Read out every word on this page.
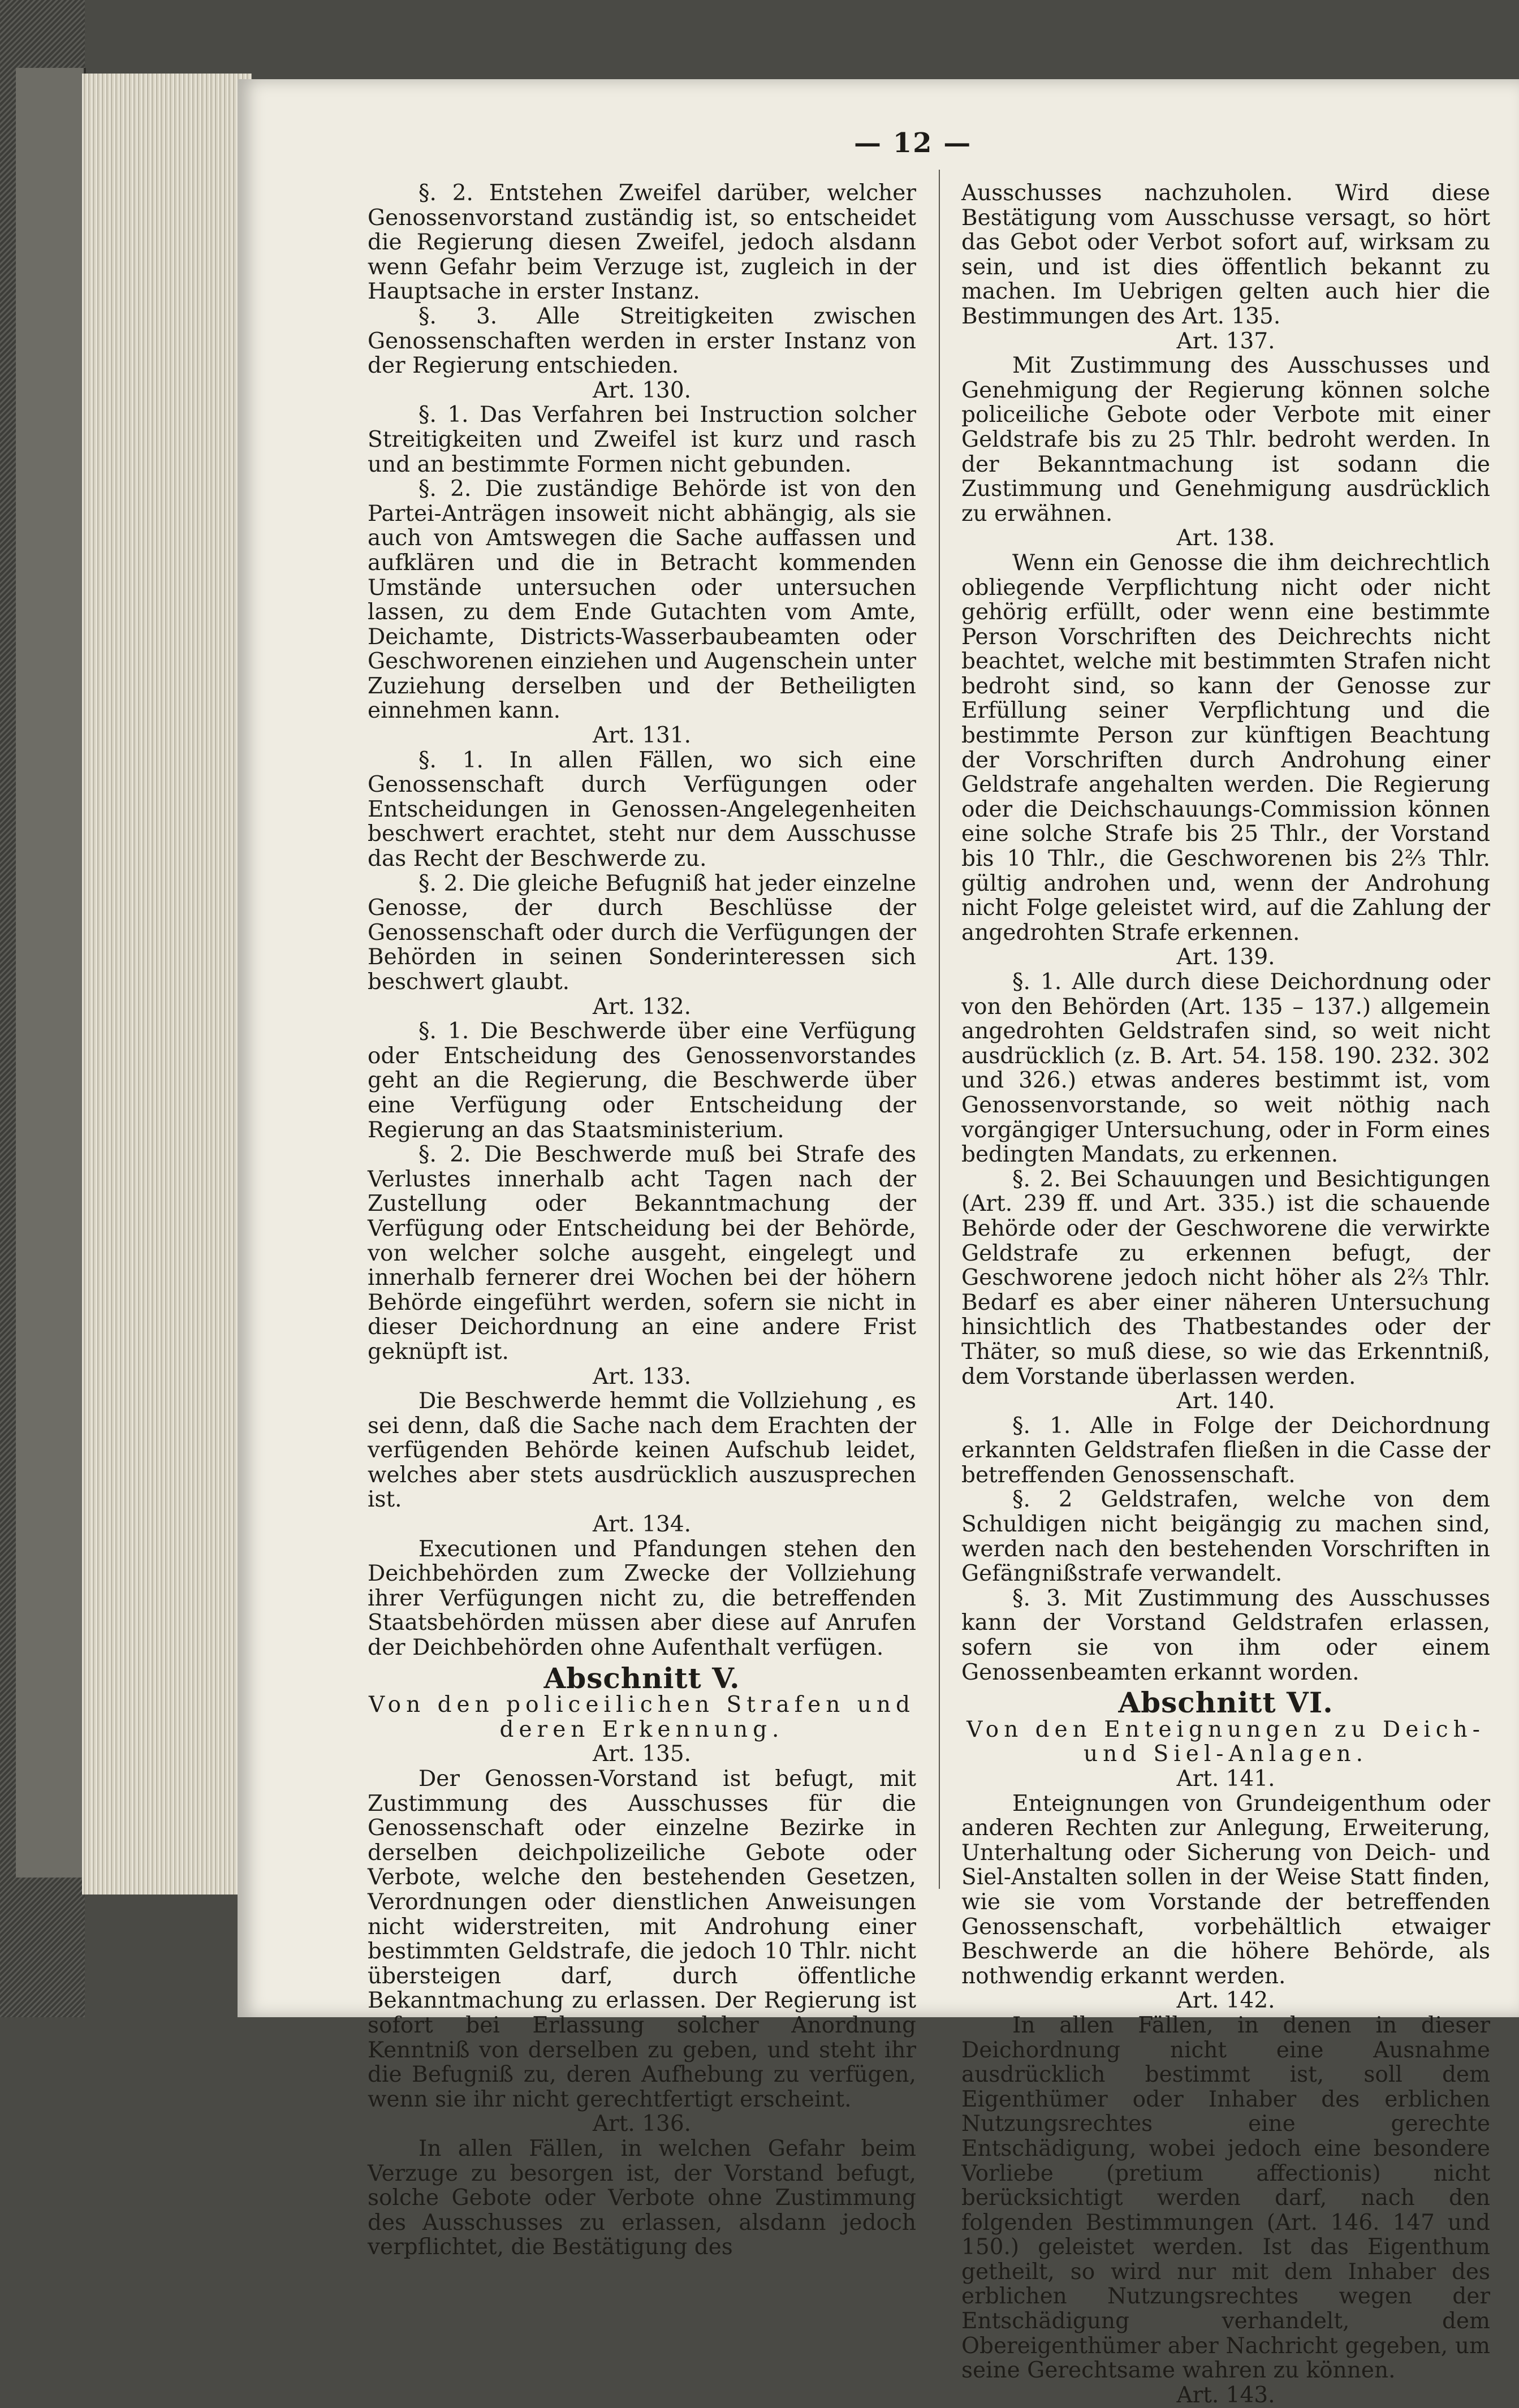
— 12 —

§. 2. Entstehen Zweifel darüber, welcher Genossenvorstand zuständig ist, so entscheidet die Regierung diesen Zweifel, jedoch alsdann wenn Gefahr beim Verzuge ist, zugleich in der Hauptsache in erster Instanz.

§. 3. Alle Streitigkeiten zwischen Genossenschaften werden in erster Instanz von der Regierung entschieden.

Art. 130.

§. 1. Das Verfahren bei Instruction solcher Streitigkeiten und Zweifel ist kurz und rasch und an bestimmte Formen nicht gebunden.

§. 2. Die zuständige Behörde ist von den Partei-Anträgen insoweit nicht abhängig, als sie auch von Amtswegen die Sache auffassen und aufklären und die in Betracht kommenden Umstände untersuchen oder untersuchen lassen, zu dem Ende Gutachten vom Amte, Deichamte, Districts-Wasserbaubeamten oder Geschworenen einziehen und Augenschein unter Zuziehung derselben und der Betheiligten einnehmen kann.

Art. 131.

§. 1. In allen Fällen, wo sich eine Genossenschaft durch Verfügungen oder Entscheidungen in Genossen-Angelegenheiten beschwert erachtet, steht nur dem Ausschusse das Recht der Beschwerde zu.

§. 2. Die gleiche Befugniß hat jeder einzelne Genosse, der durch Beschlüsse der Genossenschaft oder durch die Verfügungen der Behörden in seinen Sonderinteressen sich beschwert glaubt.

Art. 132.

§. 1. Die Beschwerde über eine Verfügung oder Entscheidung des Genossenvorstandes geht an die Regierung, die Beschwerde über eine Verfügung oder Entscheidung der Regierung an das Staatsministerium.

§. 2. Die Beschwerde muß bei Strafe des Verlustes innerhalb acht Tagen nach der Zustellung oder Bekanntmachung der Verfügung oder Entscheidung bei der Behörde, von welcher solche ausgeht, eingelegt und innerhalb fernerer drei Wochen bei der höhern Behörde eingeführt werden, sofern sie nicht in dieser Deichordnung an eine andere Frist geknüpft ist.

Art. 133.

Die Beschwerde hemmt die Vollziehung , es sei denn, daß die Sache nach dem Erachten der verfügenden Behörde keinen Aufschub leidet, welches aber stets ausdrücklich auszusprechen ist.

Art. 134.

Executionen und Pfandungen stehen den Deichbehörden zum Zwecke der Vollziehung ihrer Verfügungen nicht zu, die betreffenden Staatsbehörden müssen aber diese auf Anrufen der Deichbehörden ohne Aufenthalt verfügen.

Abschnitt V.

Von den policeilichen Strafen und deren Erkennung.

Art. 135.

Der Genossen-Vorstand ist befugt, mit Zustimmung des Ausschusses für die Genossenschaft oder einzelne Bezirke in derselben deichpolizeiliche Gebote oder Verbote, welche den bestehenden Gesetzen, Verordnungen oder dienstlichen Anweisungen nicht widerstreiten, mit Androhung einer bestimmten Geldstrafe, die jedoch 10 Thlr. nicht übersteigen darf, durch öffentliche Bekanntmachung zu erlassen. Der Regierung ist sofort bei Erlassung solcher Anordnung Kenntniß von derselben zu geben, und steht ihr die Befugniß zu, deren Aufhebung zu verfügen, wenn sie ihr nicht gerechtfertigt erscheint.

Art. 136.

In allen Fällen, in welchen Gefahr beim Verzuge zu besorgen ist, der Vorstand befugt, solche Gebote oder Verbote ohne Zustimmung des Ausschusses zu erlassen, alsdann jedoch verpflichtet, die Bestätigung des

Ausschusses nachzuholen. Wird diese Bestätigung vom Ausschusse versagt, so hört das Gebot oder Verbot sofort auf, wirksam zu sein, und ist dies öffentlich bekannt zu machen. Im Uebrigen gelten auch hier die Bestimmungen des Art. 135.

Art. 137.

Mit Zustimmung des Ausschusses und Genehmigung der Regierung können solche policeiliche Gebote oder Verbote mit einer Geldstrafe bis zu 25 Thlr. bedroht werden. In der Bekanntmachung ist sodann die Zustimmung und Genehmigung ausdrücklich zu erwähnen.

Art. 138.

Wenn ein Genosse die ihm deichrechtlich obliegende Verpflichtung nicht oder nicht gehörig erfüllt, oder wenn eine bestimmte Person Vorschriften des Deichrechts nicht beachtet, welche mit bestimmten Strafen nicht bedroht sind, so kann der Genosse zur Erfüllung seiner Verpflichtung und die bestimmte Person zur künftigen Beachtung der Vorschriften durch Androhung einer Geldstrafe angehalten werden. Die Regierung oder die Deichschauungs-Commission können eine solche Strafe bis 25 Thlr., der Vorstand bis 10 Thlr., die Geschworenen bis 2⅔ Thlr. gültig androhen und, wenn der Androhung nicht Folge geleistet wird, auf die Zahlung der angedrohten Strafe erkennen.

Art. 139.

§. 1. Alle durch diese Deichordnung oder von den Behörden (Art. 135 – 137.) allgemein angedrohten Geldstrafen sind, so weit nicht ausdrücklich (z. B. Art. 54. 158. 190. 232. 302 und 326.) etwas anderes bestimmt ist, vom Genossenvorstande, so weit nöthig nach vorgängiger Untersuchung, oder in Form eines bedingten Mandats, zu erkennen.

§. 2. Bei Schauungen und Besichtigungen (Art. 239 ff. und Art. 335.) ist die schauende Behörde oder der Geschworene die verwirkte Geldstrafe zu erkennen befugt, der Geschworene jedoch nicht höher als 2⅔ Thlr. Bedarf es aber einer näheren Untersuchung hinsichtlich des Thatbestandes oder der Thäter, so muß diese, so wie das Erkenntniß, dem Vorstande überlassen werden.

Art. 140.

§. 1. Alle in Folge der Deichordnung erkannten Geldstrafen fließen in die Casse der betreffenden Genossenschaft.

§. 2 Geldstrafen, welche von dem Schuldigen nicht beigängig zu machen sind, werden nach den bestehenden Vorschriften in Gefängnißstrafe verwandelt.

§. 3. Mit Zustimmung des Ausschusses kann der Vorstand Geldstrafen erlassen, sofern sie von ihm oder einem Genossenbeamten erkannt worden.

Abschnitt VI.

Von den Enteignungen zu Deich- und Siel-Anlagen.

Art. 141.

Enteignungen von Grundeigenthum oder anderen Rechten zur Anlegung, Erweiterung, Unterhaltung oder Sicherung von Deich- und Siel-Anstalten sollen in der Weise Statt finden, wie sie vom Vorstande der betreffenden Genossenschaft, vorbehältlich etwaiger Beschwerde an die höhere Behörde, als nothwendig erkannt werden.

Art. 142.

In allen Fällen, in denen in dieser Deichordnung nicht eine Ausnahme ausdrücklich bestimmt ist, soll dem Eigenthümer oder Inhaber des erblichen Nutzungsrechtes eine gerechte Entschädigung, wobei jedoch eine besondere Vorliebe (pretium affectionis) nicht berücksichtigt werden darf, nach den folgenden Bestimmungen (Art. 146. 147 und 150.) geleistet werden. Ist das Eigenthum getheilt, so wird nur mit dem Inhaber des erblichen Nutzungsrechtes wegen der Entschädigung verhandelt, dem Obereigenthümer aber Nachricht gegeben, um seine Gerechtsame wahren zu können.

Art. 143.
